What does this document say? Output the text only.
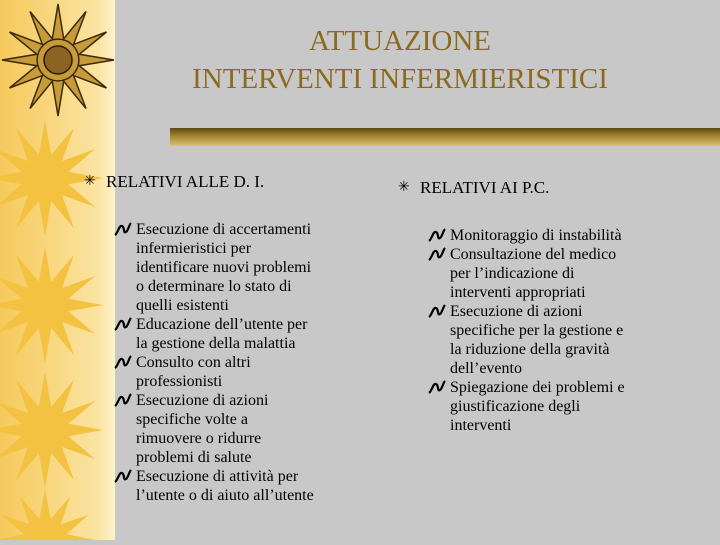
ATTUAZIONE
INTERVENTI INFERMIERISTICI
✳ RELATIVI ALLE D. I.
Esecuzione di accertamenti
infermieristici per
identificare nuovi problemi
o determinare lo stato di
quelli esistenti
Educazione dell’utente per
la gestione della malattia
Consulto con altri
professionisti
Esecuzione di azioni
specifiche volte a
rimuovere o ridurre
problemi di salute
Esecuzione di attività per
l’utente o di aiuto all’utente
✳ RELATIVI AI P.C.
Monitoraggio di instabilità
Consultazione del medico
per l’indicazione di
interventi appropriati
Esecuzione di azioni
specifiche per la gestione e
la riduzione della gravità
dell’evento
Spiegazione dei problemi e
giustificazione degli
interventi
